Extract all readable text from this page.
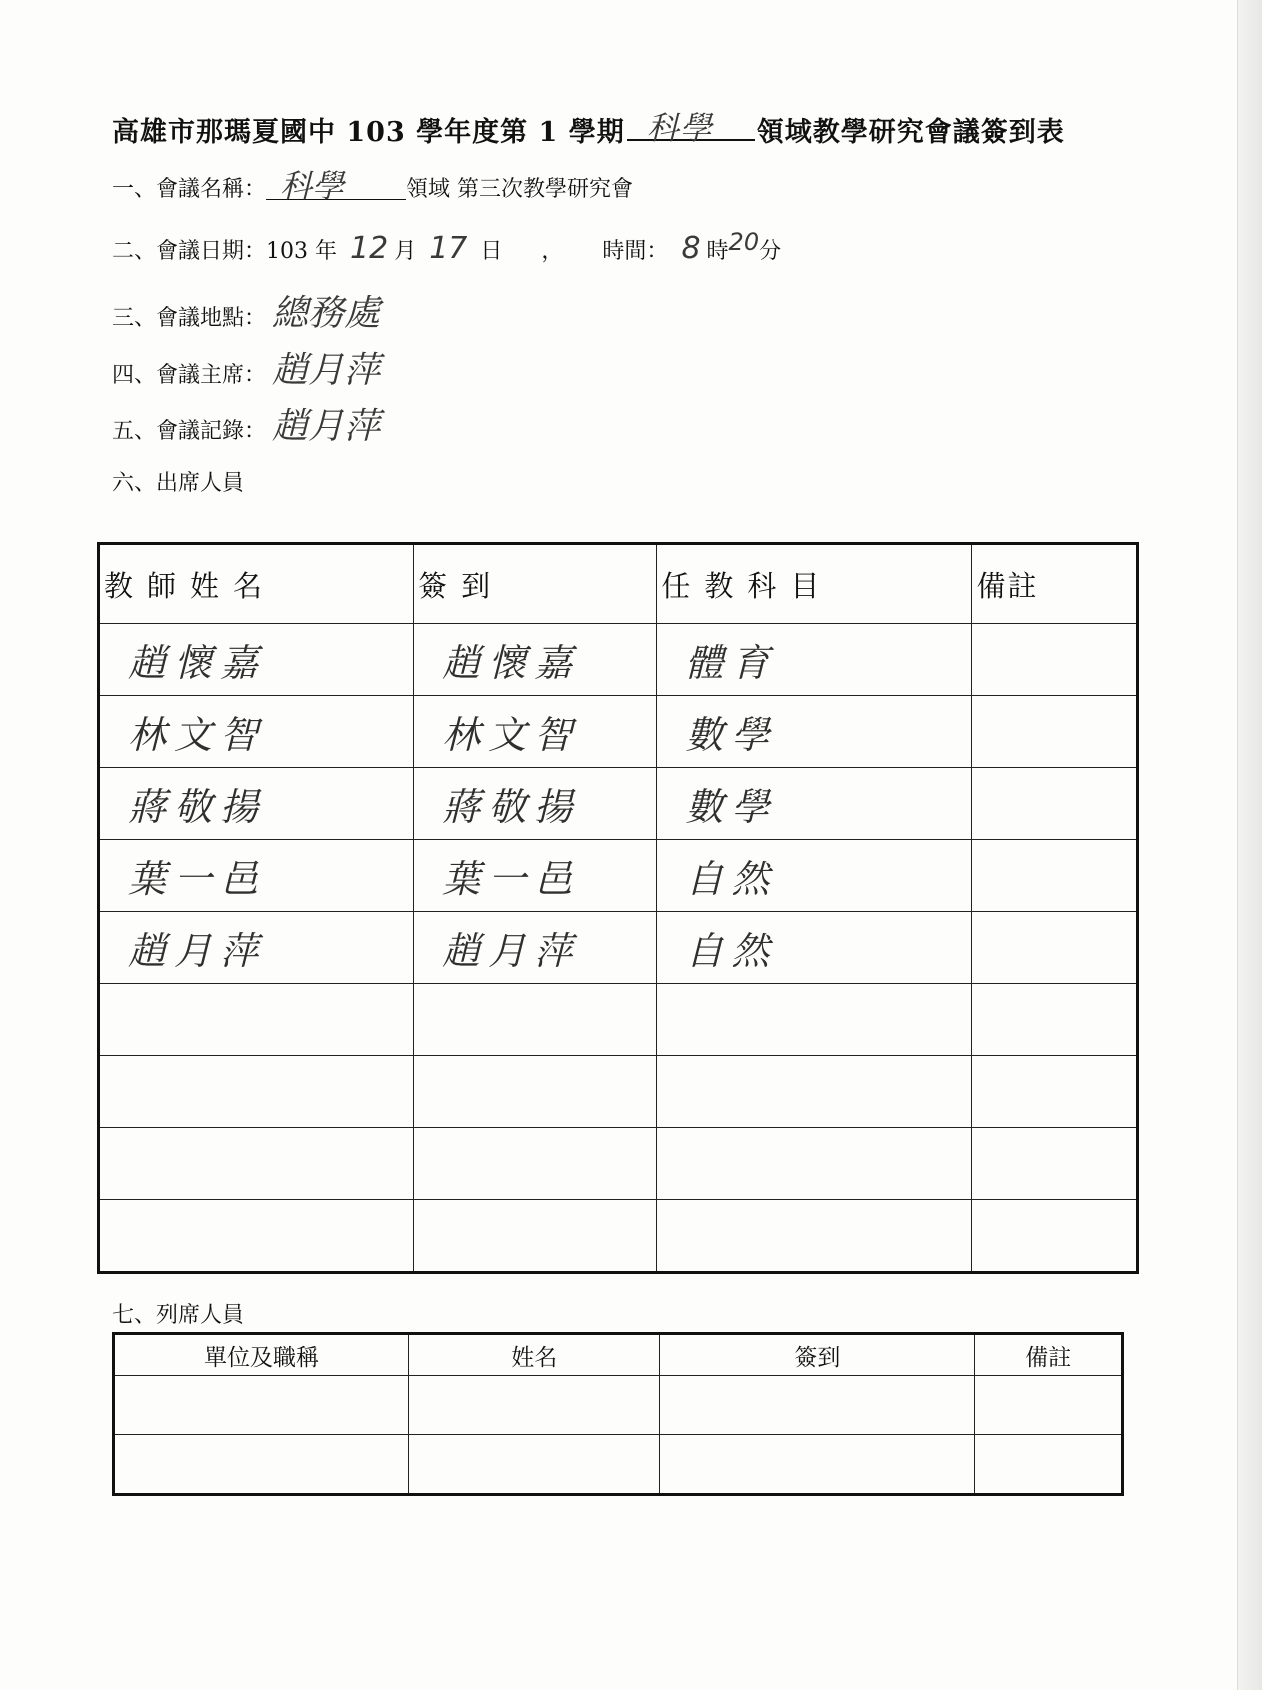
高雄市那瑪夏國中 103 學年度第 1 學期 科學 領域教學研究會議簽到表
一、會議名稱： 科學	領域 第三次教學研究會
二、會議日期：103 年 12 月 17 日 ， 時間： 8 時20分
三、會議地點： 總務處
四、會議主席： 趙月萍
五、會議記錄： 趙月萍
六、出席人員
教師姓名	簽到	任教科目	備註
趙懷嘉	趙懷嘉	體育	
林文智	林文智	數學	
蔣敬揚	蔣敬揚	數學	
葉一邑	葉一邑	自然	
趙月萍	趙月萍	自然	

七、列席人員
單位及職稱	姓名	簽到	備註
